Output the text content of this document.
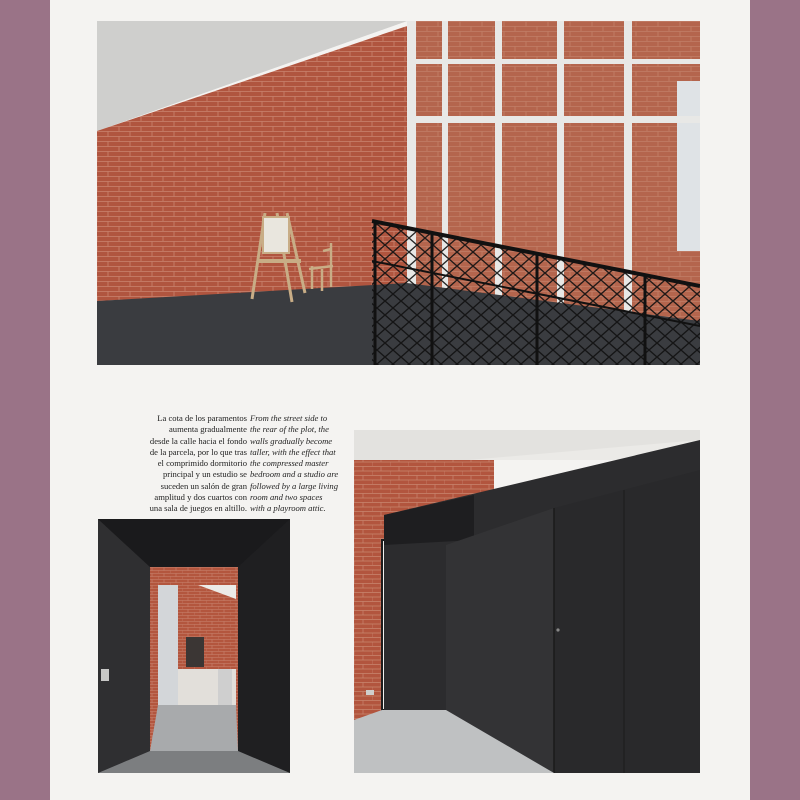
La cota de los paramentos
aumenta gradualmente
desde la calle hacia el fondo
de la parcela, por lo que tras
el comprimido dormitorio
principal y un estudio se
suceden un salón de gran
amplitud y dos cuartos con
una sala de juegos en altillo.
From the street side to
the rear of the plot, the
walls gradually become
taller, with the effect that
the compressed master
bedroom and a studio are
followed by a large living
room and two spaces
with a playroom attic.
